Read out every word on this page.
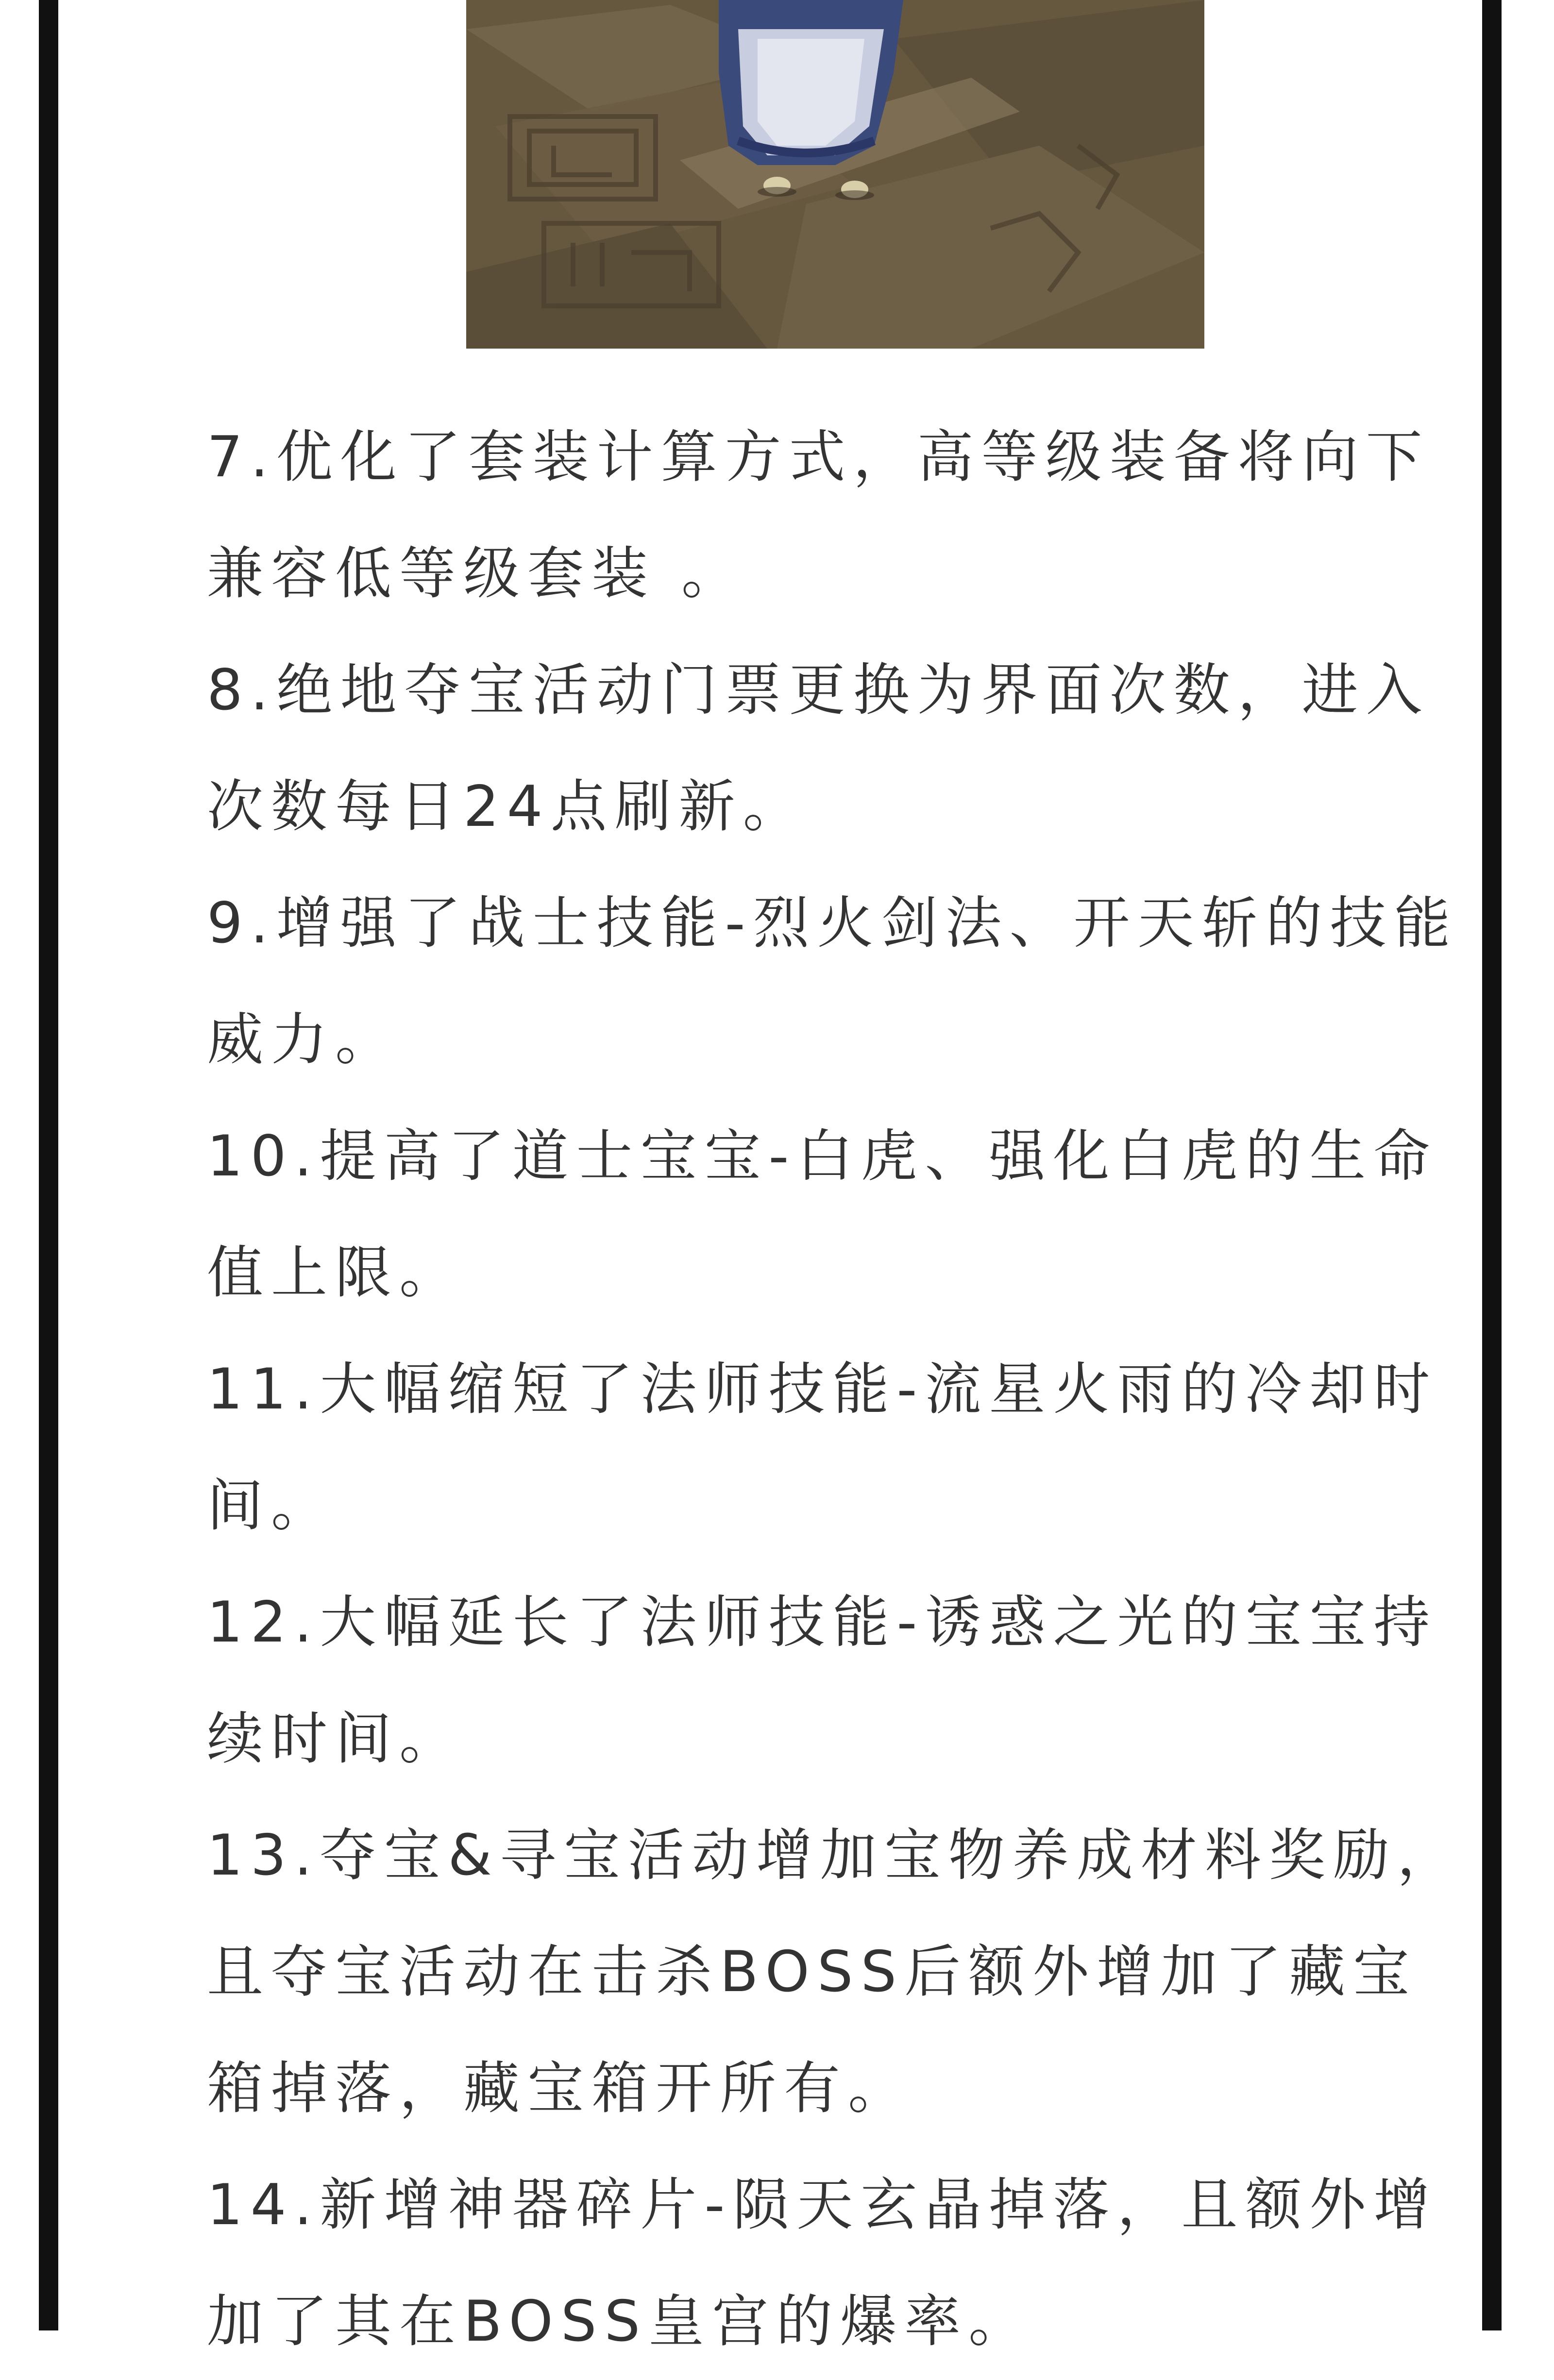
7.优化了套装计算方式，高等级装备将向下
兼容低等级套装 。
8.绝地夺宝活动门票更换为界面次数，进入
次数每日24点刷新。
9.增强了战士技能-烈火剑法、开天斩的技能
威力。
10.提高了道士宝宝-白虎、强化白虎的生命
值上限。
11.大幅缩短了法师技能-流星火雨的冷却时
间。
12.大幅延长了法师技能-诱惑之光的宝宝持
续时间。
13.夺宝&寻宝活动增加宝物养成材料奖励，
且夺宝活动在击杀BOSS后额外增加了藏宝
箱掉落，藏宝箱开所有。
14.新增神器碎片-陨天玄晶掉落，且额外增
加了其在BOSS皇宫的爆率。
